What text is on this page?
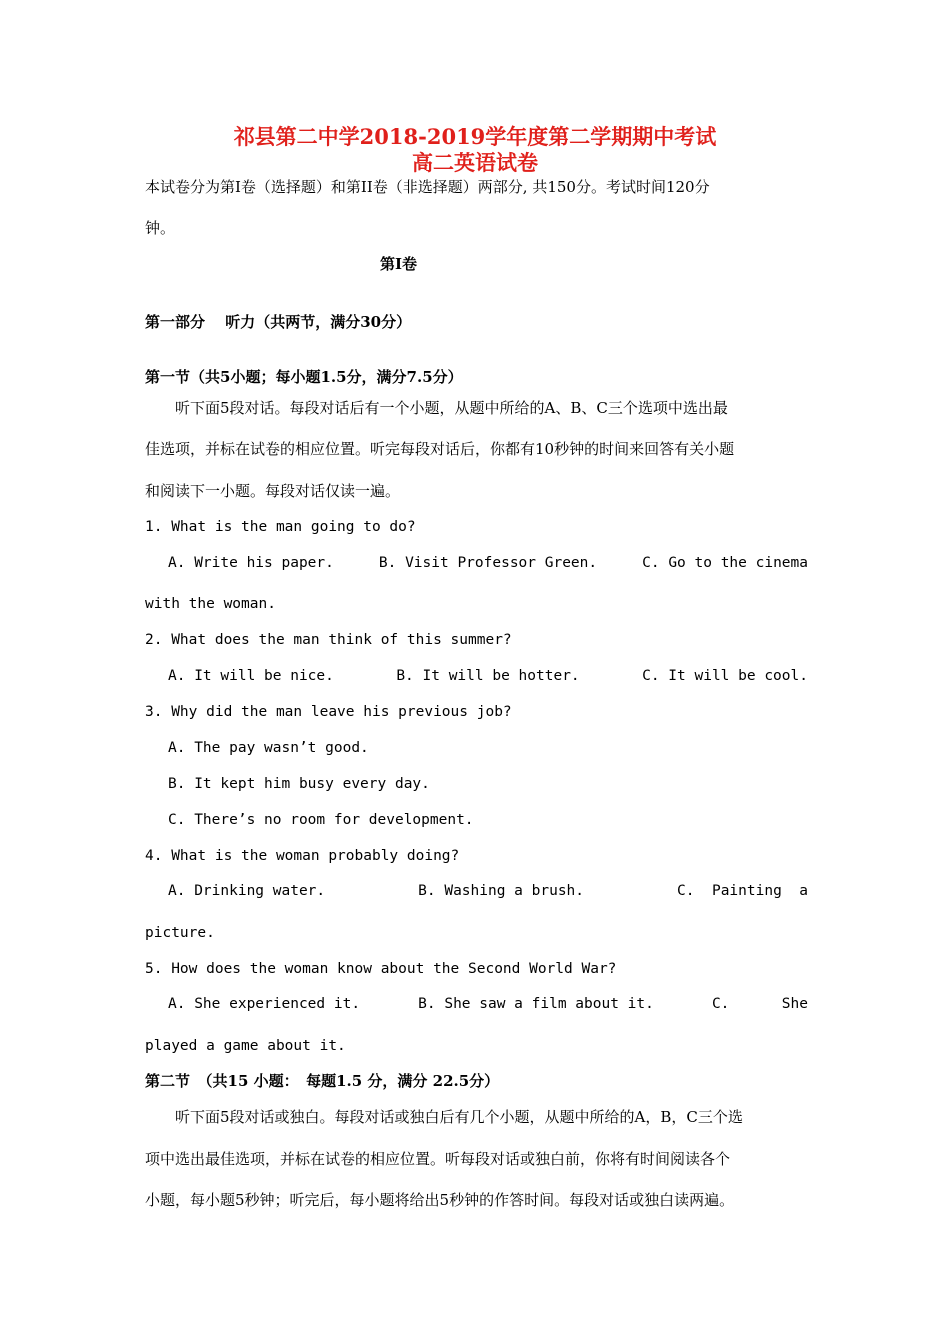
祁县第二中学2018-2019学年度第二学期期中考试
高二英语试卷
本试卷分为第I卷（选择题）和第II卷（非选择题）两部分, 共150分。考试时间120分
钟。
第I卷
第一部分　 听力（共两节，满分30分）
第一节（共5小题；每小题1.5分，满分7.5分）
　　听下面5段对话。每段对话后有一个小题，从题中所给的A、B、C三个选项中选出最
佳选项，并标在试卷的相应位置。听完每段对话后，你都有10秒钟的时间来回答有关小题
和阅读下一小题。每段对话仅读一遍。
1. What is the man going to do?
A. Write his paper.	B. Visit Professor Green.	C. Go to the cinema
with the woman.
2. What does the man think of this summer?
A. It will be nice.	B. It will be hotter.	C. It will be cool.
3. Why did the man leave his previous job?
A. The pay wasn’t good.
B. It kept him busy every day.
C. There’s no room for development.
4. What is the woman probably doing?
A. Drinking water.	B. Washing a brush.	C.  Painting  a
picture.
5. How does the woman know about the Second World War?
A. She experienced it.	B. She saw a film about it.	C.      She
played a game about it.
第二节　（共15 小题：　每题1.5 分，满分 22.5分）
　　听下面5段对话或独白。每段对话或独白后有几个小题，从题中所给的A，B，C三个选
项中选出最佳选项，并标在试卷的相应位置。听每段对话或独白前，你将有时间阅读各个
小题，每小题5秒钟；听完后，每小题将给出5秒钟的作答时间。每段对话或独白读两遍。
